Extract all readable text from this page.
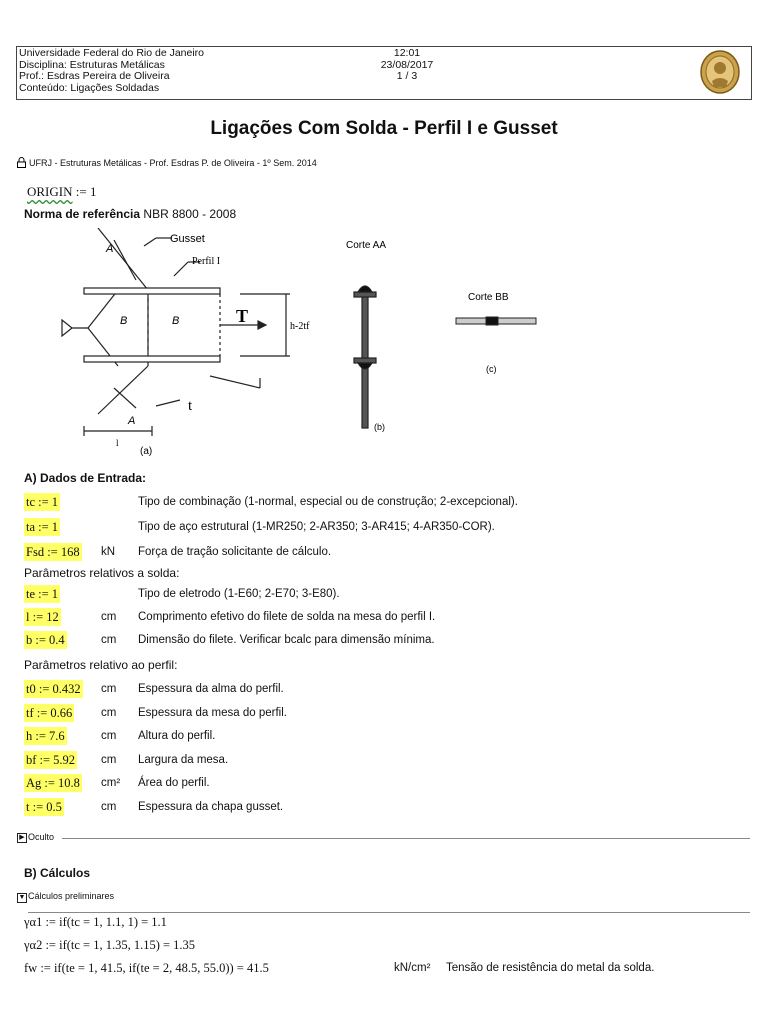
Universidade Federal do Rio de Janeiro
Disciplina: Estruturas Metálicas
Prof.: Esdras Pereira de Oliveira
Conteúdo: Ligações Soldadas
12:01
23/08/2017
1 / 3
Ligações Com Solda - Perfil I e Gusset
UFRJ - Estruturas Metálicas - Prof. Esdras P. de Oliveira - 1º Sem. 2014
ORIGIN := 1
Norma de referência NBR 8800 - 2008
Gusset
Perfil I
A
B	B	T
h-2tf
A
t
l
(a)
Corte AA
(b)
Corte BB
(c)
A) Dados de Entrada:
tc := 1	Tipo de combinação (1-normal, especial ou de construção; 2-excepcional).
ta := 1	Tipo de aço estrutural (1-MR250; 2-AR350; 3-AR415; 4-AR350-COR).
Fsd := 168 kN Força de tração solicitante de cálculo.
Parâmetros relativos a solda:
te := 1	Tipo de eletrodo (1-E60; 2-E70; 3-E80).
l := 12	cm Comprimento efetivo do filete de solda na mesa do perfil I.
b := 0.4	cm Dimensão do filete. Verificar bcalc para dimensão mínima.
Parâmetros relativo ao perfil:
t0 := 0.432 cm Espessura da alma do perfil.
tf := 0.66 cm Espessura da mesa do perfil.
h := 7.6	cm Altura do perfil.
bf := 5.92 cm Largura da mesa.
Ag := 10.8 cm² Área do perfil.
t := 0.5	cm Espessura da chapa gusset.
▶ Oculto
B) Cálculos
▼ Cálculos preliminares
γα1 := if(tc = 1, 1.1, 1) = 1.1
γα2 := if(tc = 1, 1.35, 1.15) = 1.35
fw := if(te = 1, 41.5, if(te = 2, 48.5, 55.0)) = 41.5	kN/cm² Tensão de resistência do metal da solda.
